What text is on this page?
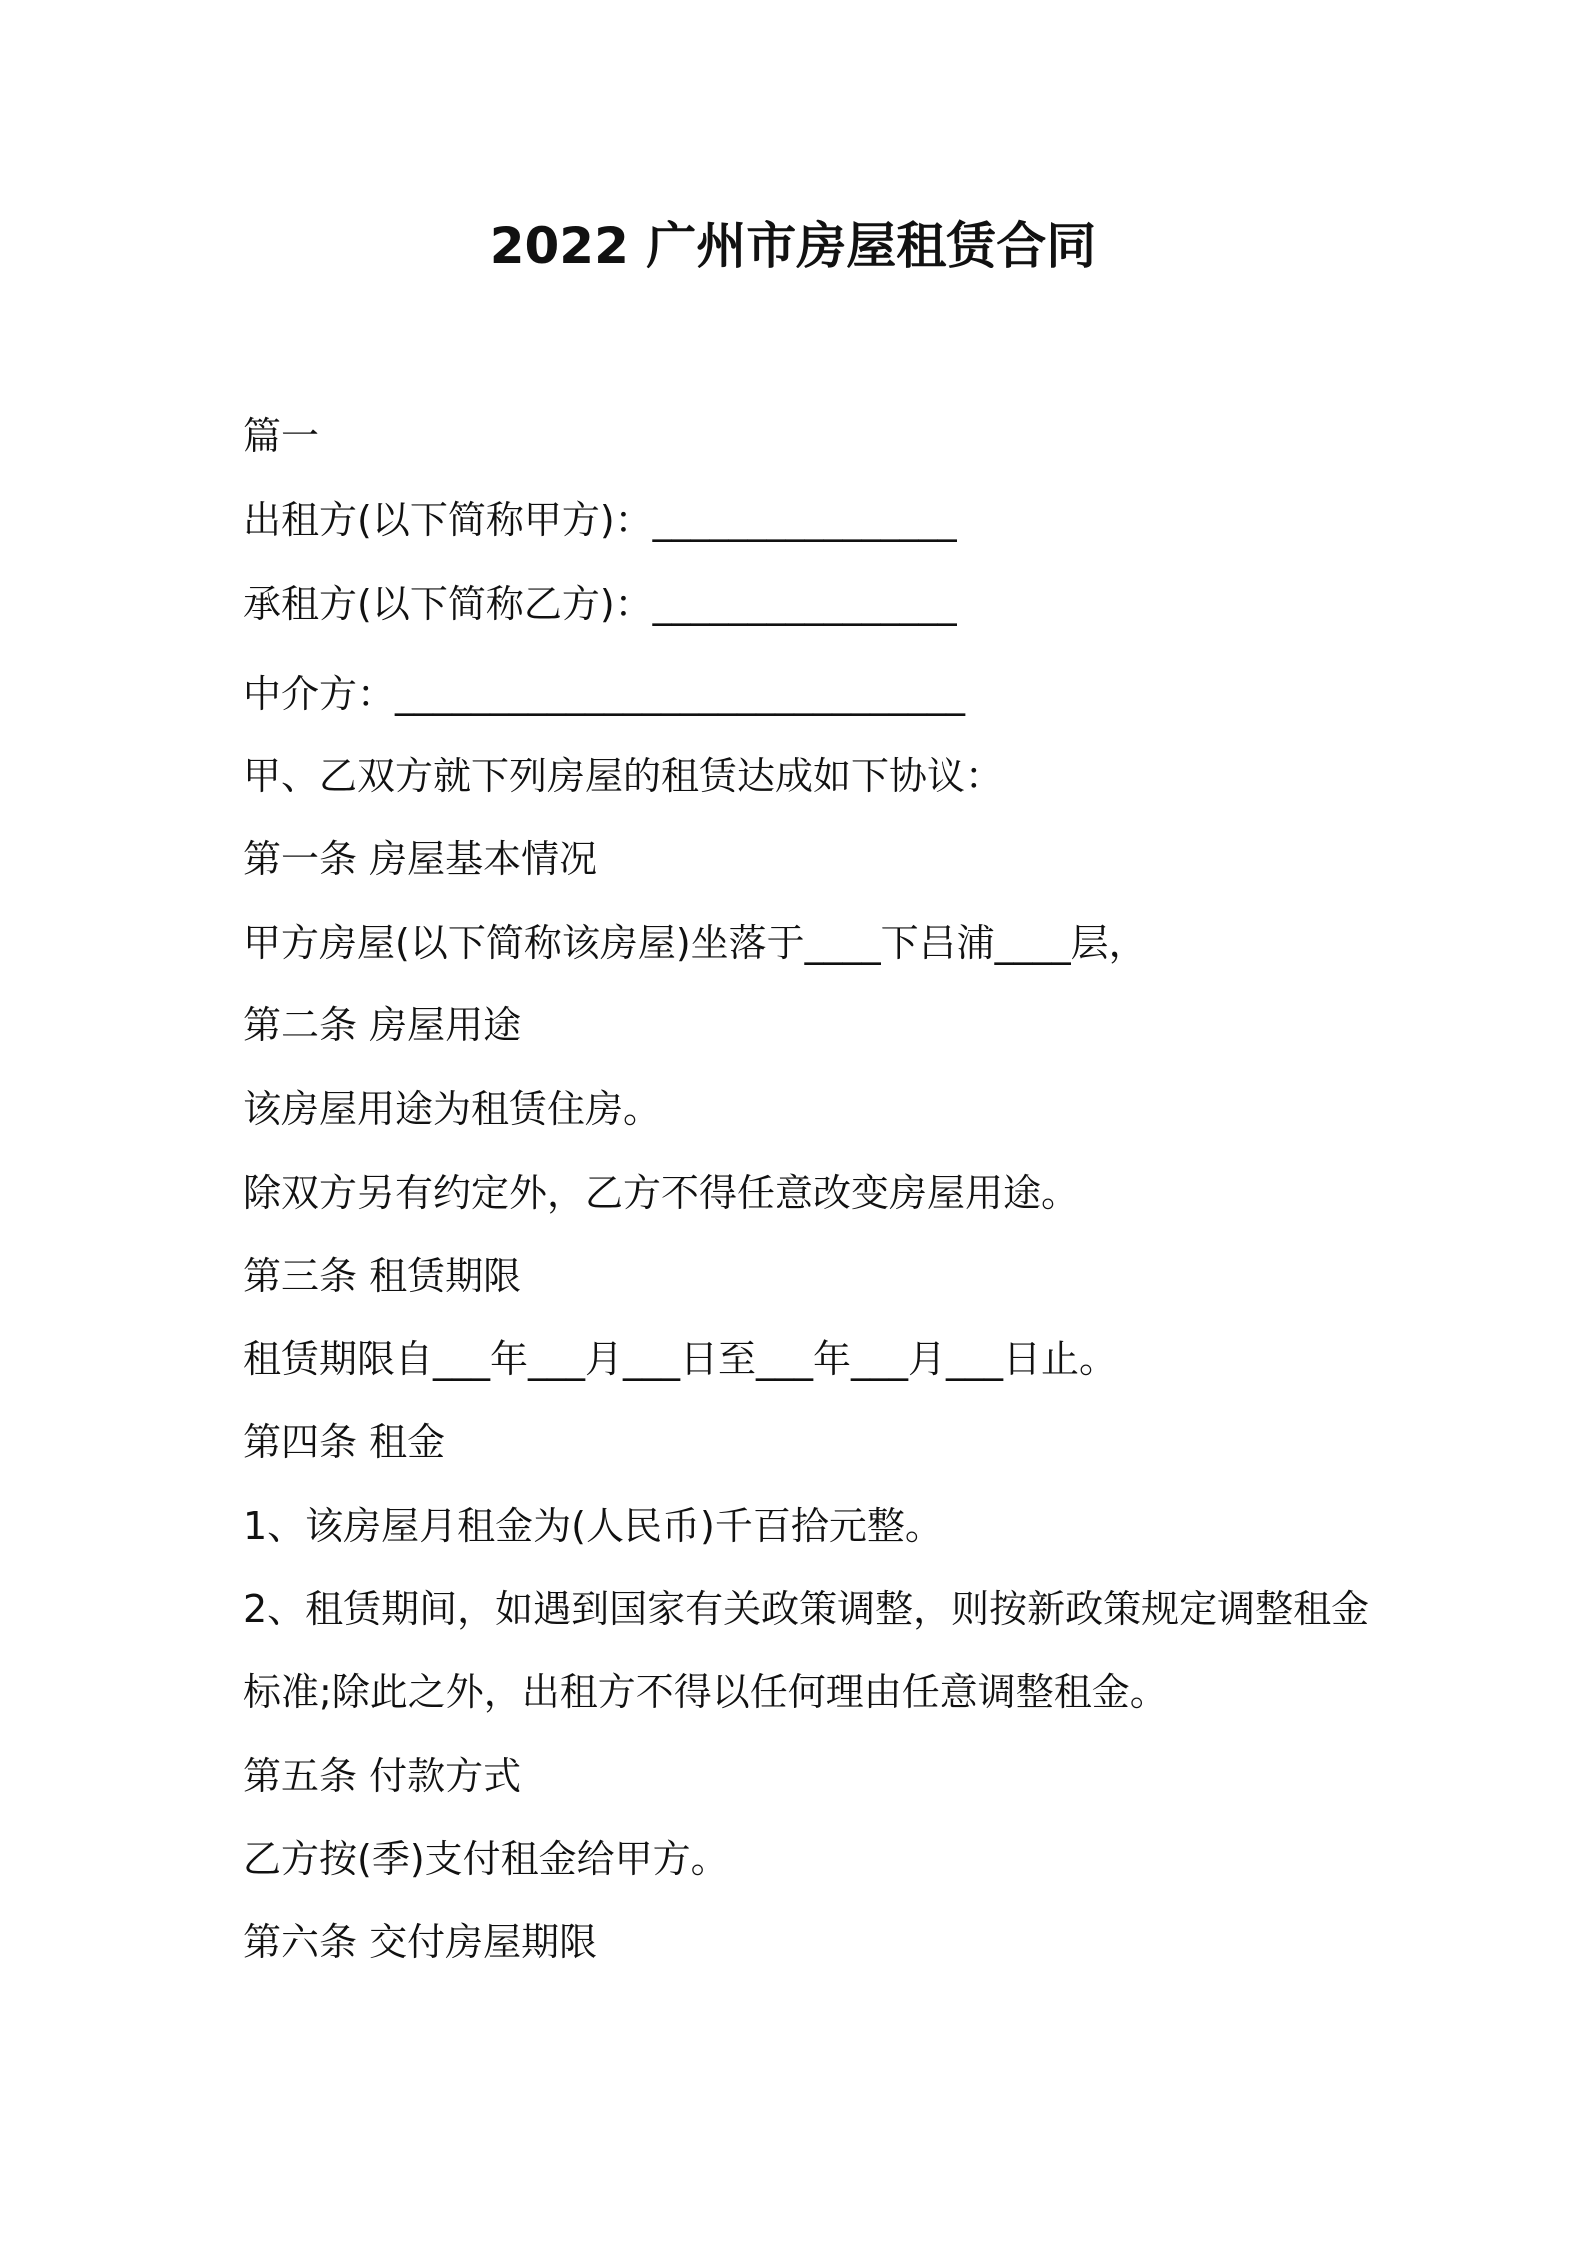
2022 广州市房屋租赁合同
篇一
出租方(以下简称甲方)：________________
承租方(以下简称乙方)：________________
中介方：______________________________
甲、乙双方就下列房屋的租赁达成如下协议：
第一条 房屋基本情况
甲方房屋(以下简称该房屋)坐落于____下吕浦____层，
第二条 房屋用途
该房屋用途为租赁住房。
除双方另有约定外，乙方不得任意改变房屋用途。
第三条 租赁期限
租赁期限自___年___月___日至___年___月___日止。
第四条 租金
1、该房屋月租金为(人民币)千百拾元整。
2、租赁期间，如遇到国家有关政策调整，则按新政策规定调整租金
标准;除此之外，出租方不得以任何理由任意调整租金。
第五条 付款方式
乙方按(季)支付租金给甲方。
第六条 交付房屋期限
